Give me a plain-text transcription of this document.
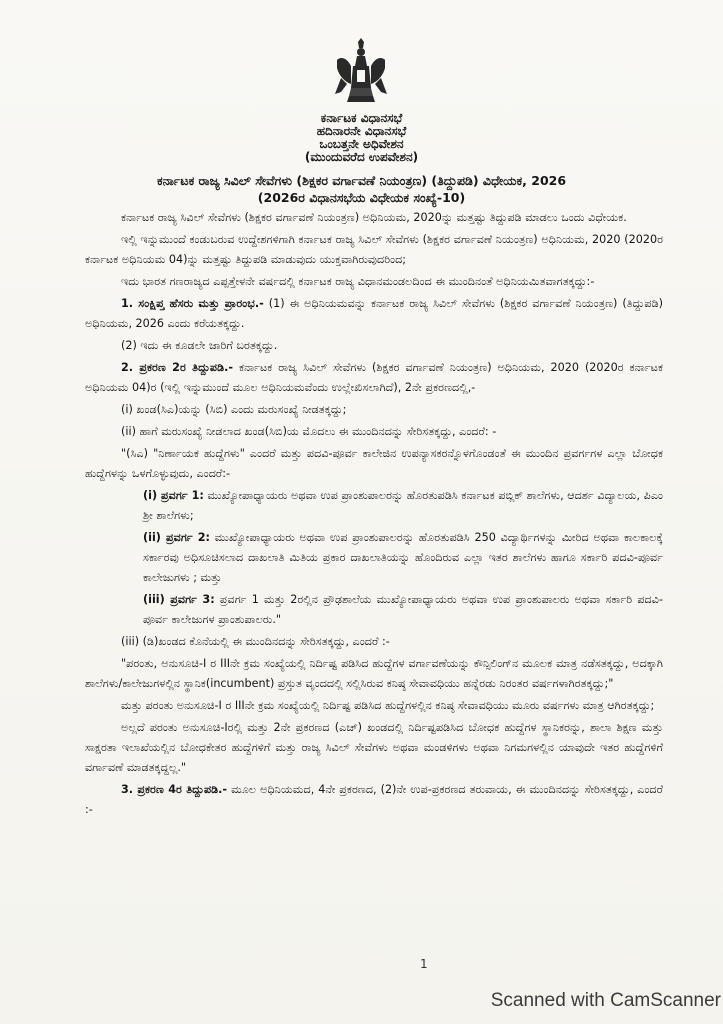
ಕರ್ನಾಟಕ ವಿಧಾನಸಭೆ
ಹದಿನಾರನೇ ವಿಧಾನಸಭೆ
ಒಂಬತ್ತನೇ ಅಧಿವೇಶನ
(ಮುಂದುವರೆದ ಉಪವೇಶನ)
ಕರ್ನಾಟಕ ರಾಜ್ಯ ಸಿವಿಲ್ ಸೇವೆಗಳು (ಶಿಕ್ಷಕರ ವರ್ಗಾವಣೆ ನಿಯಂತ್ರಣ) (ತಿದ್ದುಪಡಿ) ವಿಧೇಯಕ, 2026
(2026ರ ವಿಧಾನಸಭೆಯ ವಿಧೇಯಕ ಸಂಖ್ಯೆ-10)

ಕರ್ನಾಟಕ ರಾಜ್ಯ ಸಿವಿಲ್ ಸೇವೆಗಳು (ಶಿಕ್ಷಕರ ವರ್ಗಾವಣೆ ನಿಯಂತ್ರಣ) ಅಧಿನಿಯಮ, 2020ನ್ನು ಮತ್ತಷ್ಟು ತಿದ್ದುಪಡಿ ಮಾಡಲು ಒಂದು ವಿಧೇಯಕ.

ಇಲ್ಲಿ ಇನ್ನುಮುಂದೆ ಕಂಡುಬರುವ ಉದ್ದೇಶಗಳಿಗಾಗಿ ಕರ್ನಾಟಕ ರಾಜ್ಯ ಸಿವಿಲ್ ಸೇವೆಗಳು (ಶಿಕ್ಷಕರ ವರ್ಗಾವಣೆ ನಿಯಂತ್ರಣ) ಅಧಿನಿಯಮ, 2020 (2020ರ ಕರ್ನಾಟಕ ಅಧಿನಿಯಮ 04)ನ್ನು ಮತ್ತಷ್ಟು ತಿದ್ದುಪಡಿ ಮಾಡುವುದು ಯುಕ್ತವಾಗಿರುವುದರಿಂದ;

ಇದು ಭಾರತ ಗಣರಾಜ್ಯದ ಎಪ್ಪತ್ತೇಳನೇ ವರ್ಷದಲ್ಲಿ ಕರ್ನಾಟಕ ರಾಜ್ಯ ವಿಧಾನಮಂಡಲದಿಂದ ಈ ಮುಂದಿನಂತೆ ಅಧಿನಿಯಮಿತವಾಗತಕ್ಕದ್ದು:-

1. ಸಂಕ್ಷಿಪ್ತ ಹೆಸರು ಮತ್ತು ಪ್ರಾರಂಭ.- (1) ಈ ಅಧಿನಿಯಮವನ್ನು ಕರ್ನಾಟಕ ರಾಜ್ಯ ಸಿವಿಲ್ ಸೇವೆಗಳು (ಶಿಕ್ಷಕರ ವರ್ಗಾವಣೆ ನಿಯಂತ್ರಣ) (ತಿದ್ದುಪಡಿ) ಅಧಿನಿಯಮ, 2026 ಎಂದು ಕರೆಯತಕ್ಕದ್ದು.

(2) ಇದು ಈ ಕೂಡಲೇ ಜಾರಿಗೆ ಬರತಕ್ಕದ್ದು.

2. ಪ್ರಕರಣ 2ರ ತಿದ್ದುಪಡಿ.- ಕರ್ನಾಟಕ ರಾಜ್ಯ ಸಿವಿಲ್ ಸೇವೆಗಳು (ಶಿಕ್ಷಕರ ವರ್ಗಾವಣೆ ನಿಯಂತ್ರಣ) ಅಧಿನಿಯಮ, 2020 (2020ರ ಕರ್ನಾಟಕ ಅಧಿನಿಯಮ 04)ರ (ಇಲ್ಲಿ ಇನ್ನುಮುಂದೆ ಮೂಲ ಅಧಿನಿಯಮವೆಂದು ಉಲ್ಲೇಖಿಸಲಾಗಿದೆ), 2ನೇ ಪ್ರಕರಣದಲ್ಲಿ,-

(i) ಖಂಡ(ಸಿಎ)ಯನ್ನು (ಸಿಬಿ) ಎಂದು ಮರುಸಂಖ್ಯೆ ನೀಡತಕ್ಕದ್ದು;

(ii) ಹಾಗೆ ಮರುಸಂಖ್ಯೆ ನೀಡಲಾದ ಖಂಡ(ಸಿಬಿ)ಯ ಮೊದಲು ಈ ಮುಂದಿನದನ್ನು ಸೇರಿಸತಕ್ಕದ್ದು, ಎಂದರೆ: -

"(ಸಿಎ) "ನಿರ್ಣಾಯಕ ಹುದ್ದೆಗಳು" ಎಂದರೆ ಮತ್ತು ಪದವಿ-ಪೂರ್ವ ಕಾಲೇಜಿನ ಉಪನ್ಯಾಸಕರನ್ನೊಳಗೊಂಡಂತೆ ಈ ಮುಂದಿನ ಪ್ರವರ್ಗಗಳ ಎಲ್ಲಾ ಬೋಧಕ ಹುದ್ದೆಗಳನ್ನು ಒಳಗೊಳ್ಳುವುದು, ಎಂದರೆ:-

(i) ಪ್ರವರ್ಗ 1: ಮುಖ್ಯೋಪಾಧ್ಯಾಯರು ಅಥವಾ ಉಪ ಪ್ರಾಂಶುಪಾಲರನ್ನು ಹೊರತುಪಡಿಸಿ ಕರ್ನಾಟಕ ಪಬ್ಲಿಕ್ ಶಾಲೆಗಳು, ಆದರ್ಶ ವಿದ್ಯಾಲಯ, ಪಿಎಂ ಶ್ರೀ ಶಾಲೆಗಳು;

(ii) ಪ್ರವರ್ಗ 2: ಮುಖ್ಯೋಪಾಧ್ಯಾಯರು ಅಥವಾ ಉಪ ಪ್ರಾಂಶುಪಾಲರನ್ನು ಹೊರತುಪಡಿಸಿ 250 ವಿದ್ಯಾರ್ಥಿಗಳನ್ನು ಮೀರಿದ ಅಥವಾ ಕಾಲಕಾಲಕ್ಕೆ ಸರ್ಕಾರವು ಅಧಿಸೂಚಿಸಲಾದ ದಾಖಲಾತಿ ಮಿತಿಯ ಪ್ರಕಾರ ದಾಖಲಾತಿಯನ್ನು ಹೊಂದಿರುವ ಎಲ್ಲಾ ಇತರ ಶಾಲೆಗಳು ಹಾಗೂ ಸರ್ಕಾರಿ ಪದವಿ-ಪೂರ್ವ ಕಾಲೇಜುಗಳು ; ಮತ್ತು

(iii) ಪ್ರವರ್ಗ 3: ಪ್ರವರ್ಗ 1 ಮತ್ತು 2ರಲ್ಲಿನ ಪ್ರೌಢಶಾಲೆಯ ಮುಖ್ಯೋಪಾಧ್ಯಾಯರು ಅಥವಾ ಉಪ ಪ್ರಾಂಶುಪಾಲರು ಅಥವಾ ಸರ್ಕಾರಿ ಪದವಿ-ಪೂರ್ವ ಕಾಲೇಜುಗಳ ಪ್ರಾಂಶುಪಾಲರು."

(iii) (ಡಿ)ಖಂಡದ ಕೊನೆಯಲ್ಲಿ ಈ ಮುಂದಿನದನ್ನು ಸೇರಿಸತಕ್ಕದ್ದು, ಎಂದರೆ :-

"ಪರಂತು, ಅನುಸೂಚಿ-I ರ IIIನೇ ಕ್ರಮ ಸಂಖ್ಯೆಯಲ್ಲಿ ನಿರ್ದಿಷ್ಟ ಪಡಿಸಿದ ಹುದ್ದೆಗಳ ವರ್ಗಾವಣೆಯನ್ನು ಕೌನ್ಸಿಲಿಂಗ್‌ನ ಮೂಲಕ ಮಾತ್ರ ನಡೆಸತಕ್ಕದ್ದು, ಅದಕ್ಕಾಗಿ ಶಾಲೆಗಳು/ಕಾಲೇಜುಗಳಲ್ಲಿನ ಸ್ಥಾನಿಕ(incumbent) ಪ್ರಸ್ತುತ ವೃಂದದಲ್ಲಿ ಸಲ್ಲಿಸಿರುವ ಕನಿಷ್ಠ ಸೇವಾವಧಿಯು ಹನ್ನೆರಡು ನಿರಂತರ ವರ್ಷಗಳಾಗಿರತಕ್ಕದ್ದು;"

ಮತ್ತು ಪರಂತು ಅನುಸೂಚಿ-I ರ IIIನೇ ಕ್ರಮ ಸಂಖ್ಯೆಯಲ್ಲಿ ನಿರ್ದಿಷ್ಟ ಪಡಿಸಿದ ಹುದ್ದೆಗಳಲ್ಲಿನ ಕನಿಷ್ಠ ಸೇವಾವಧಿಯು ಮೂರು ವರ್ಷಗಳು ಮಾತ್ರ ಆಗಿರತಕ್ಕದ್ದು;

ಅಲ್ಲದೆ ಪರಂತು ಅನುಸೂಚಿ-Iರಲ್ಲಿ ಮತ್ತು 2ನೇ ಪ್ರಕರಣದ (ಎಚ್) ಖಂಡದಲ್ಲಿ ನಿರ್ದಿಷ್ಟಪಡಿಸಿದ ಬೋಧಕ ಹುದ್ದೆಗಳ ಸ್ಥಾನಿಕರನ್ನು, ಶಾಲಾ ಶಿಕ್ಷಣ ಮತ್ತು ಸಾಕ್ಷರತಾ ಇಲಾಖೆಯಲ್ಲಿನ ಬೋಧಕೇತರ ಹುದ್ದೆಗಳಿಗೆ ಮತ್ತು ರಾಜ್ಯ ಸಿವಿಲ್ ಸೇವೆಗಳು ಅಥವಾ ಮಂಡಳಿಗಳು ಅಥವಾ ನಿಗಮಗಳಲ್ಲಿನ ಯಾವುದೇ ಇತರ ಹುದ್ದೆಗಳಿಗೆ ವರ್ಗಾವಣೆ ಮಾಡತಕ್ಕದ್ದಲ್ಲ."

3. ಪ್ರಕರಣ 4ರ ತಿದ್ದುಪಡಿ.- ಮೂಲ ಅಧಿನಿಯಮದ, 4ನೇ ಪ್ರಕರಣದ, (2)ನೇ ಉಪ-ಪ್ರಕರಣದ ತರುವಾಯ, ಈ ಮುಂದಿನದನ್ನು ಸೇರಿಸತಕ್ಕದ್ದು, ಎಂದರೆ :-

1
Scanned with CamScanner
